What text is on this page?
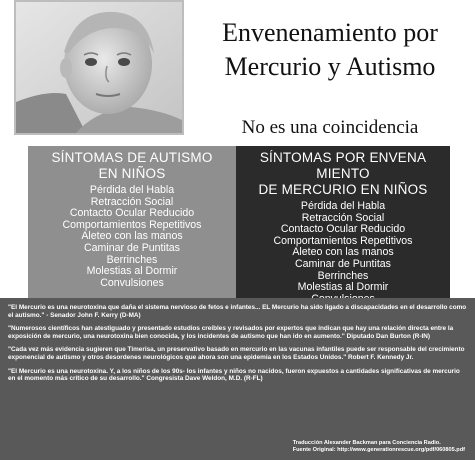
Envenenamiento por
Mercurio y Autismo
No es una coincidencia
SÍNTOMAS DE AUTISMO
EN NIÑOS
Pérdida del Habla
Retracción Social
Contacto Ocular Reducido
Comportamientos Repetitivos
Aleteo con las manos
Caminar de Puntitas
Berrinches
Molestias al Dormir
Convulsiones
SÍNTOMAS POR ENVENA MIENTO
DE MERCURIO EN NIÑOS
Pérdida del Habla
Retracción Social
Contacto Ocular Reducido
Comportamientos Repetitivos
Aleteo con las manos
Caminar de Puntitas
Berrinches
Molestias al Dormir

"El Mercurio es una neurotoxina que daña el sistema nervioso de fetos e infantes... EL Mercurio ha sido ligado a discapacidades en el desarrollo como el autismo." - Senador John F. Kerry (D-MA)

"Numerosos científicos han atestiguado y presentado estudios creíbles y revisados por expertos que indican que hay una relación directa entre la exposición de mercurio, una neurotoxina bien conocida, y los incidentes de autismo que han ido en aumento." Diputado Dan Burton (R-IN)

"Cada vez más evidencia sugieren que Timerisa, un preservativo basado en mercurio en las vacunas infantiles puede ser responsable del crecimiento exponencial de autismo y otros desordenes neurológicos que ahora son una epidemia en los Estados Unidos." Robert F. Kennedy Jr.

"El Mercurio es una neurotoxina. Y, a los niños de los 90s- los infantes y niños no nacidos, fueron expuestos a cantidades significativas de mercurio en el momento más crítico de su desarrollo." Congresista Dave Weldon, M.D. (R-FL)

Traducción Alexander Backman para Conciencia Radio.
Fuente Original: http://www.generationrescue.org/pdf/060805.pdf
